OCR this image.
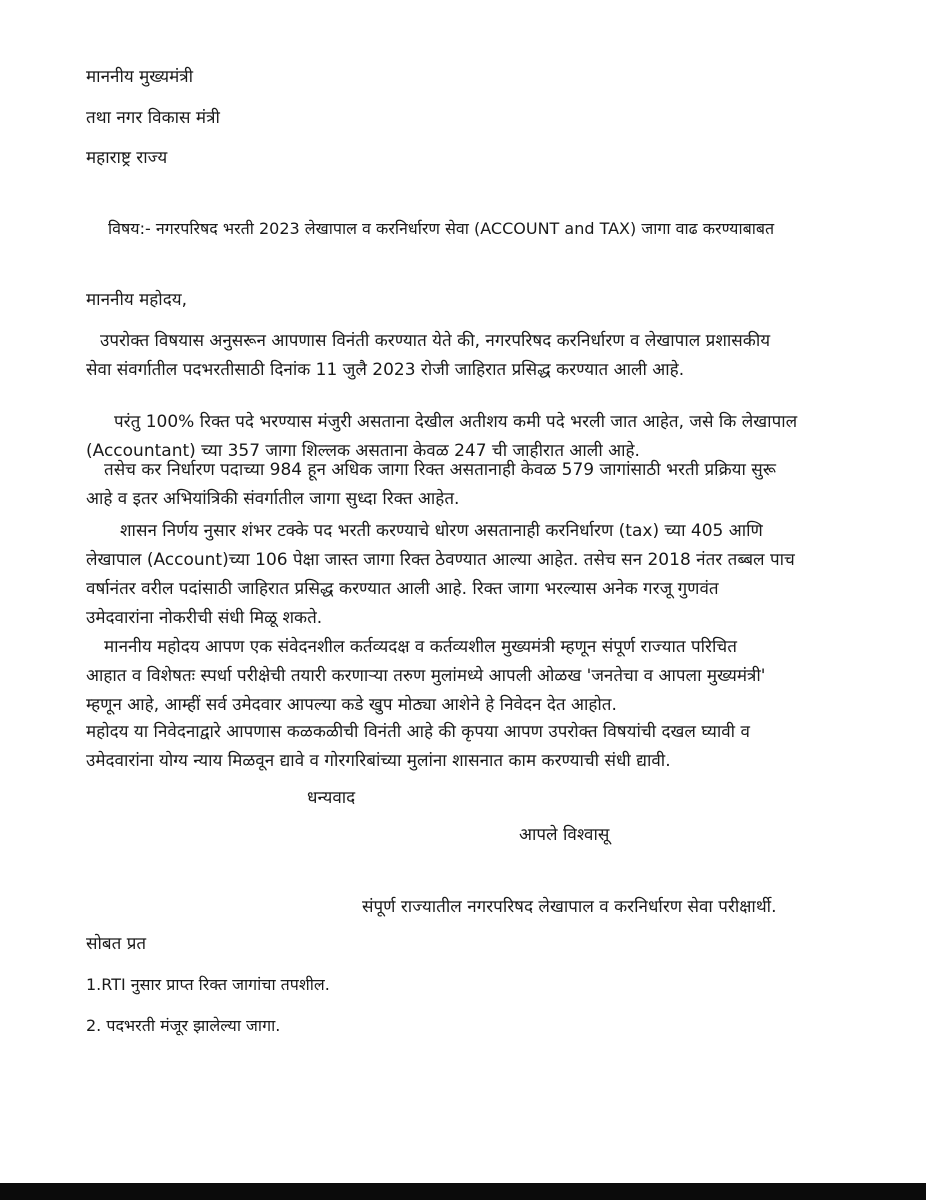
माननीय मुख्यमंत्री
तथा नगर विकास मंत्री
महाराष्ट्र राज्य
विषय:- नगरपरिषद भरती 2023 लेखापाल व करनिर्धारण सेवा (ACCOUNT and TAX) जागा वाढ करण्याबाबत
माननीय महोदय,

उपरोक्त विषयास अनुसरून आपणास विनंती करण्यात येते की, नगरपरिषद करनिर्धारण व लेखापाल प्रशासकीय

सेवा संवर्गातील पदभरतीसाठी दिनांक 11 जुलै 2023 रोजी जाहिरात प्रसिद्ध करण्यात आली आहे.

परंतु 100% रिक्त पदे भरण्यास मंजुरी असताना देखील अतीशय कमी पदे भरली जात आहेत, जसे कि लेखापाल

(Accountant) च्या 357 जागा शिल्लक असताना केवळ 247 ची जाहीरात आली आहे.

तसेच कर निर्धारण पदाच्या 984 हून अधिक जागा रिक्त असतानाही केवळ 579 जागांसाठी भरती प्रक्रिया सुरू

आहे व इतर अभियांत्रिकी संवर्गातील जागा सुध्दा रिक्त आहेत.

शासन निर्णय नुसार शंभर टक्के पद भरती करण्याचे धोरण असतानाही करनिर्धारण (tax) च्या 405 आणि

लेखापाल (Account)च्या 106 पेक्षा जास्त जागा रिक्त ठेवण्यात आल्या आहेत. तसेच सन 2018 नंतर तब्बल पाच

वर्षानंतर वरील पदांसाठी जाहिरात प्रसिद्ध करण्यात आली आहे. रिक्त जागा भरल्यास अनेक गरजू गुणवंत

उमेदवारांना नोकरीची संधी मिळू शकते.

माननीय महोदय आपण एक संवेदनशील कर्तव्यदक्ष व कर्तव्यशील मुख्यमंत्री म्हणून संपूर्ण राज्यात परिचित

आहात व विशेषतः स्पर्धा परीक्षेची तयारी करणाऱ्या तरुण मुलांमध्ये आपली ओळख 'जनतेचा व आपला मुख्यमंत्री'

म्हणून आहे, आम्हीं सर्व उमेदवार आपल्या कडे खुप मोठ्या आशेने हे निवेदन देत आहोत.

महोदय या निवेदनाद्वारे आपणास कळकळीची विनंती आहे की कृपया आपण उपरोक्त विषयांची दखल घ्यावी व

उमेदवारांना योग्य न्याय मिळवून द्यावे व गोरगरिबांच्या मुलांना शासनात काम करण्याची संधी द्यावी.

धन्यवाद
आपले विश्वासू
संपूर्ण राज्यातील नगरपरिषद लेखापाल व करनिर्धारण सेवा परीक्षार्थी.
सोबत प्रत
1.RTI नुसार प्राप्त रिक्त जागांचा तपशील.
2. पदभरती मंजूर झालेल्या जागा.
